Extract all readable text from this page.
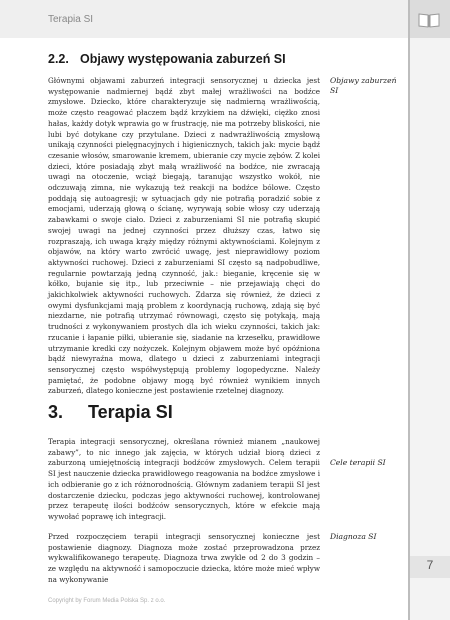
Terapia SI
2.2. Objawy występowania zaburzeń SI

Głównymi objawami zaburzeń integracji sensorycznej u dziecka jest występowanie nadmiernej bądź zbyt małej wrażliwości na bodźce zmysłowe. Dziecko, które charakteryzuje się nadmierną wrażliwością, może często reagować płaczem bądź krzykiem na dźwięki, ciężko znosi hałas, każdy dotyk wprawia go w frustrację, nie ma potrzeby bliskości, nie lubi być dotykane czy przytulane. Dzieci z nadwrażliwością zmysłową unikają czynności pielęgnacyjnych i higienicznych, takich jak: mycie bądź czesanie włosów, smarowanie kremem, ubieranie czy mycie zębów. Z kolei dzieci, które posiadają zbyt małą wrażliwość na bodźce, nie zwracają uwagi na otoczenie, wciąż biegają, taranując wszystko wokół, nie odczuwają zimna, nie wykazują też reakcji na bodźce bólowe. Często poddają się autoagresji; w sytuacjach gdy nie potrafią poradzić sobie z emocjami, uderzają głową o ścianę, wyrywają sobie włosy czy uderzają zabawkami o swoje ciało. Dzieci z zaburzeniami SI nie potrafią skupić swojej uwagi na jednej czynności przez dłuższy czas, łatwo się rozpraszają, ich uwaga krąży między różnymi aktywnościami. Kolejnym z objawów, na który warto zwrócić uwagę, jest nieprawidłowy poziom aktywności ruchowej. Dzieci z zaburzeniami SI często są nadpobudliwe, regularnie powtarzają jedną czynność, jak.: bieganie, kręcenie się w kółko, bujanie się itp., lub przeciwnie – nie przejawiają chęci do jakichkolwiek aktywności ruchowych. Zdarza się również, że dzieci z owymi dysfunkcjami mają problem z koordynacją ruchową, zdają się być niezdarne, nie potrafią utrzymać równowagi, często się potykają, mają trudności z wykonywaniem prostych dla ich wieku czynności, takich jak: rzucanie i łapanie piłki, ubieranie się, siadanie na krzesełku, prawidłowe utrzymanie kredki czy nożyczek. Kolejnym objawem może być opóźniona bądź niewyraźna mowa, dlatego u dzieci z zaburzeniami integracji sensorycznej często współwystępują problemy logopedyczne. Należy pamiętać, że podobne objawy mogą być również wynikiem innych zaburzeń, dlatego konieczne jest postawienie rzetelnej diagnozy.

Objawy zaburzeń SI
3. Terapia SI

Terapia integracji sensorycznej, określana również mianem „naukowej zabawy”, to nic innego jak zajęcia, w których udział biorą dzieci z zaburzoną umiejętnością integracji bodźców zmysłowych. Celem terapii SI jest nauczenie dziecka prawidłowego reagowania na bodźce zmysłowe i ich odbieranie go z ich różnorodnością. Głównym zadaniem terapii SI jest dostarczenie dziecku, podczas jego aktywności ruchowej, kontrolowanej przez terapeutę ilości bodźców sensorycznych, które w efekcie mają wywołać poprawę ich integracji.

Cele terapii SI

Przed rozpoczęciem terapii integracji sensorycznej konieczne jest postawienie diagnozy. Diagnoza może zostać przeprowadzona przez wykwalifikowanego terapeutę. Diagnoza trwa zwykle od 2 do 3 godzin – ze względu na aktywność i samopoczucie dziecka, które może mieć wpływ na wykonywanie

Diagnoza SI
7
Copyright by Forum Media Polska Sp. z o.o.
